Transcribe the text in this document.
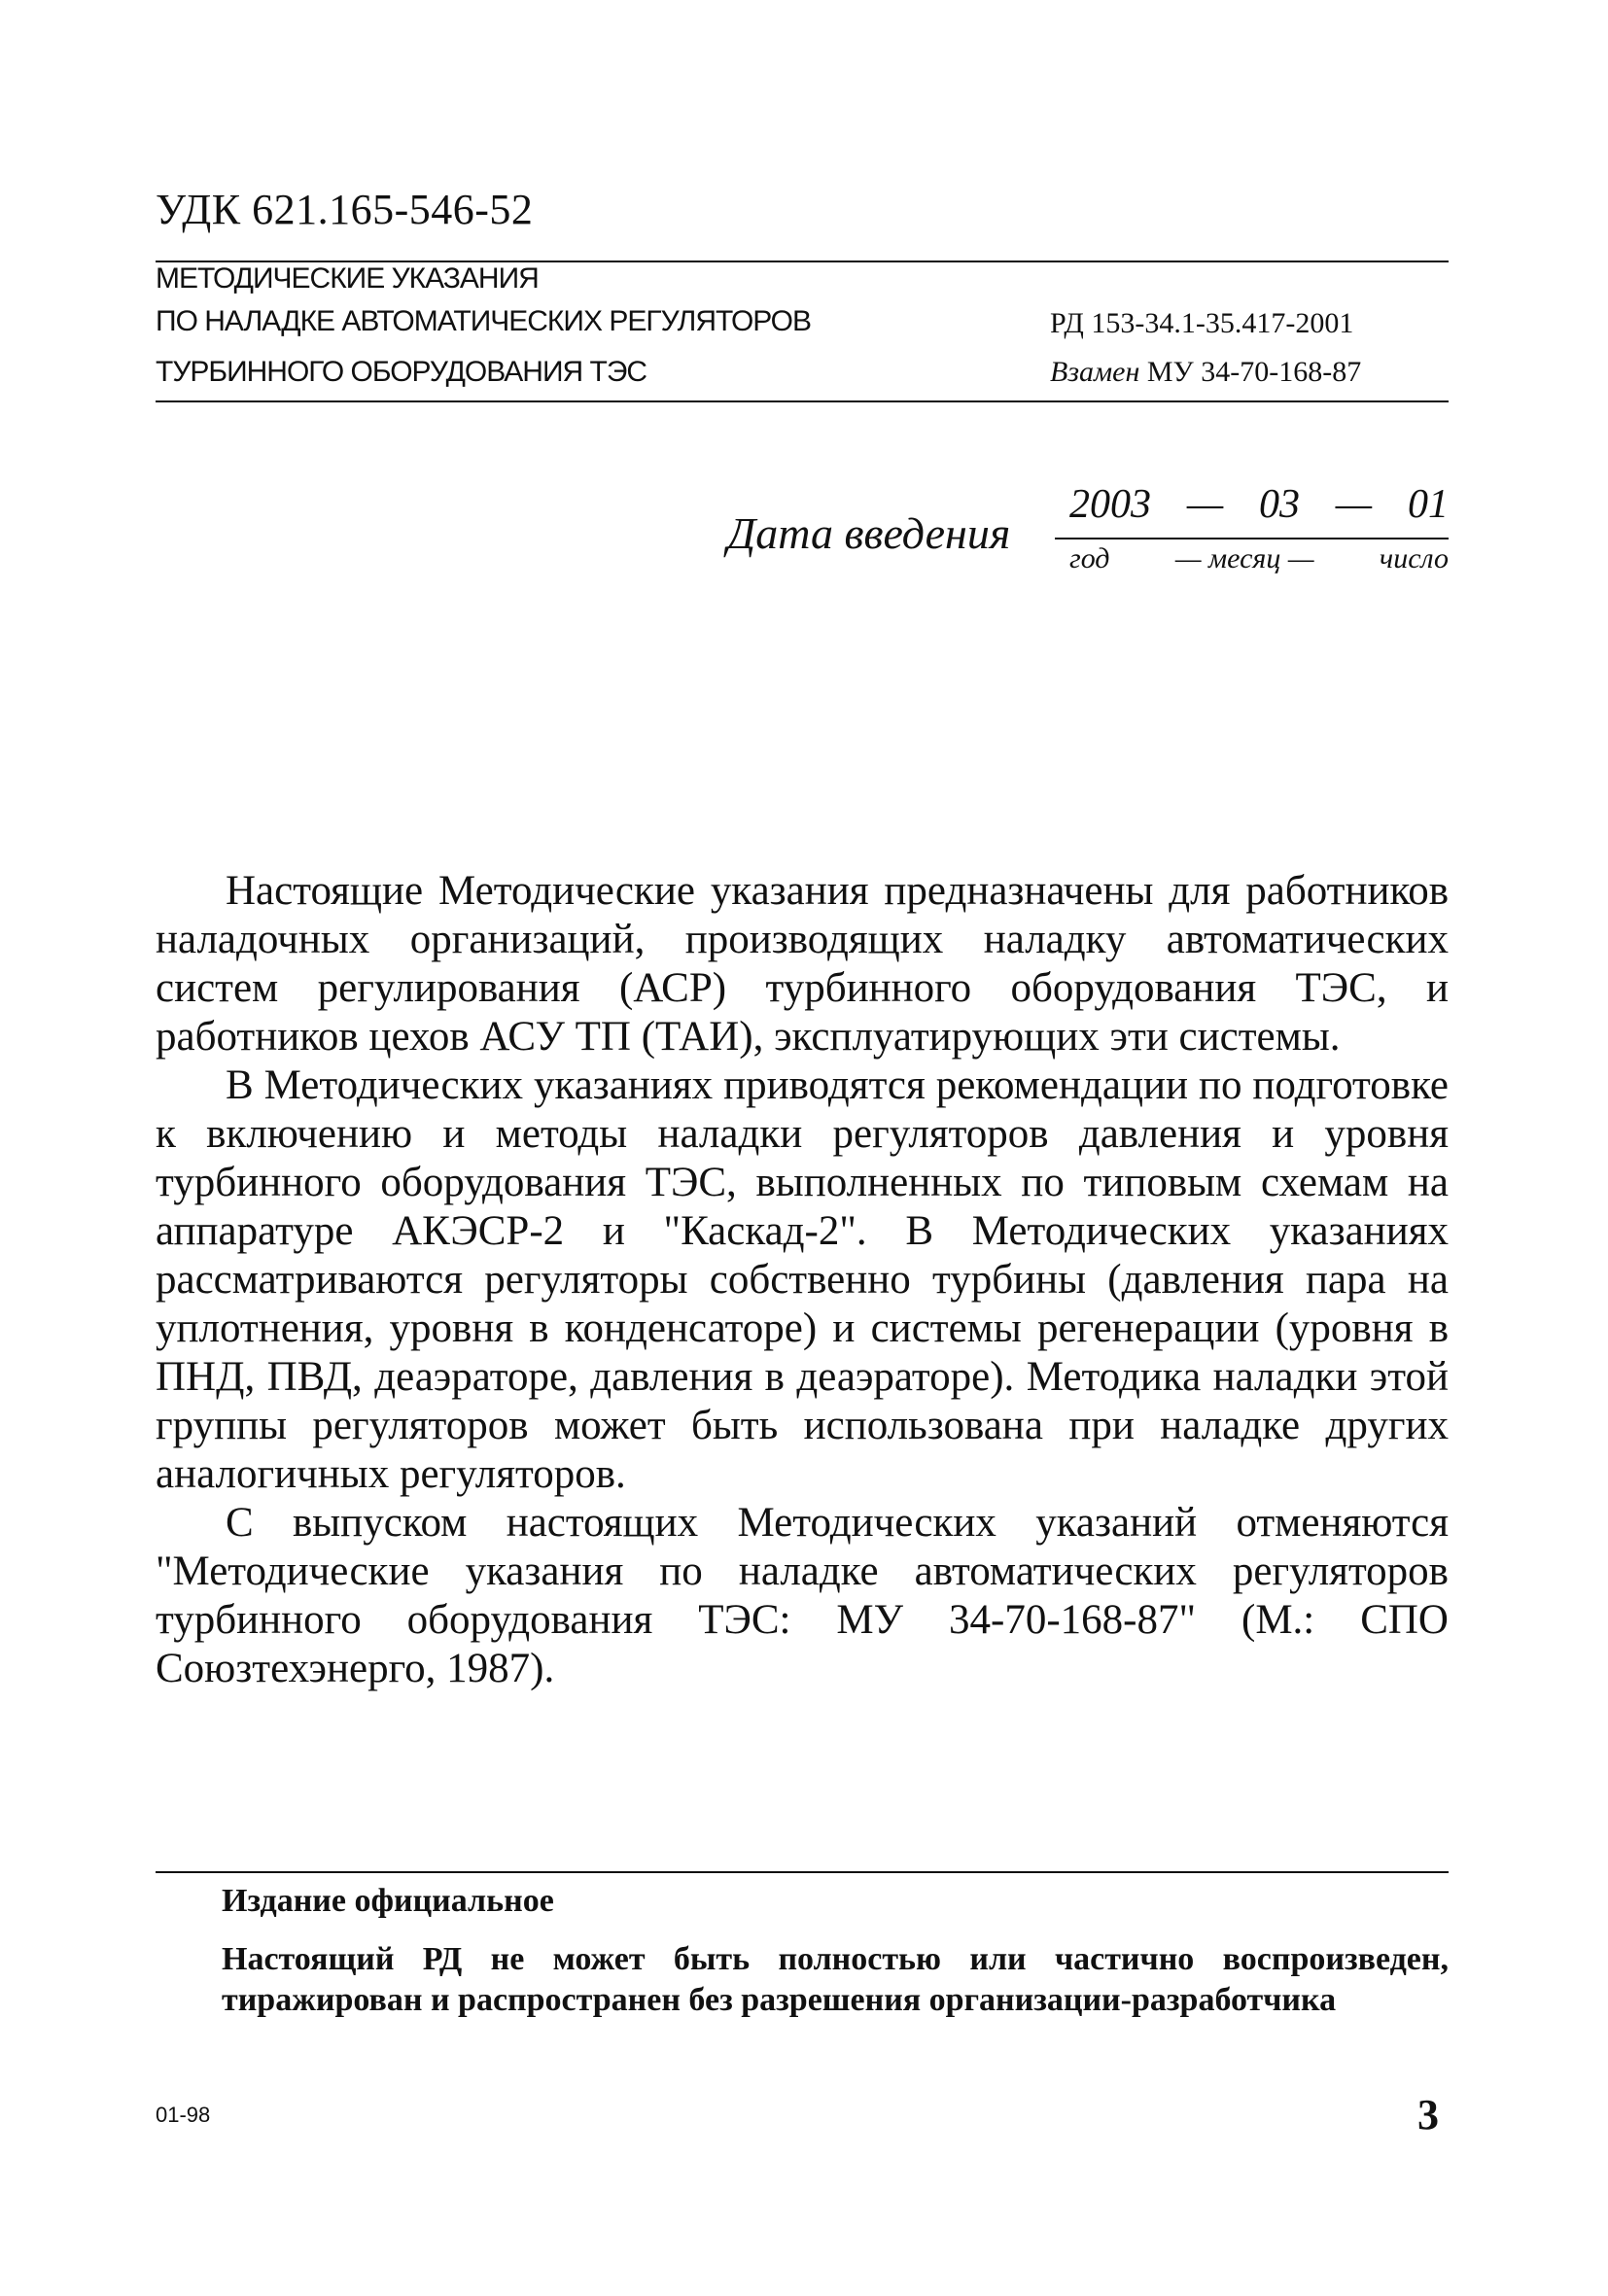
УДК 621.165-546-52
МЕТОДИЧЕСКИЕ УКАЗАНИЯ
ПО НАЛАДКЕ АВТОМАТИЧЕСКИХ РЕГУЛЯТОРОВ
ТУРБИННОГО ОБОРУДОВАНИЯ ТЭС
РД 153-34.1-35.417-2001
Взамен МУ 34-70-168-87
Дата введения
2003 — 03 — 01
год — месяц — число

Настоящие Методические указания предназначены для работников наладочных организаций, производящих наладку автоматических систем регулирования (АСР) турбинного оборудования ТЭС, и работников цехов АСУ ТП (ТАИ), эксплуатирующих эти системы.

В Методических указаниях приводятся рекомендации по подготовке к включению и методы наладки регуляторов давления и уровня турбинного оборудования ТЭС, выполненных по типовым схемам на аппаратуре АКЭСР-2 и "Каскад-2". В Методических указаниях рассматриваются регуляторы собственно турбины (давления пара на уплотнения, уровня в конденсаторе) и системы регенерации (уровня в ПНД, ПВД, деаэраторе, давления в деаэраторе). Методика наладки этой группы регуляторов может быть использована при наладке других аналогичных регуляторов.

С выпуском настоящих Методических указаний отменяются "Методические указания по наладке автоматических регуляторов турбинного оборудования ТЭС: МУ 34-70-168-87" (М.: СПО Союзтехэнерго, 1987).

Издание официальное

Настоящий РД не может быть полностью или частично воспроизведен, тиражирован и распространен без разрешения организации-разработчика

01-98	3
